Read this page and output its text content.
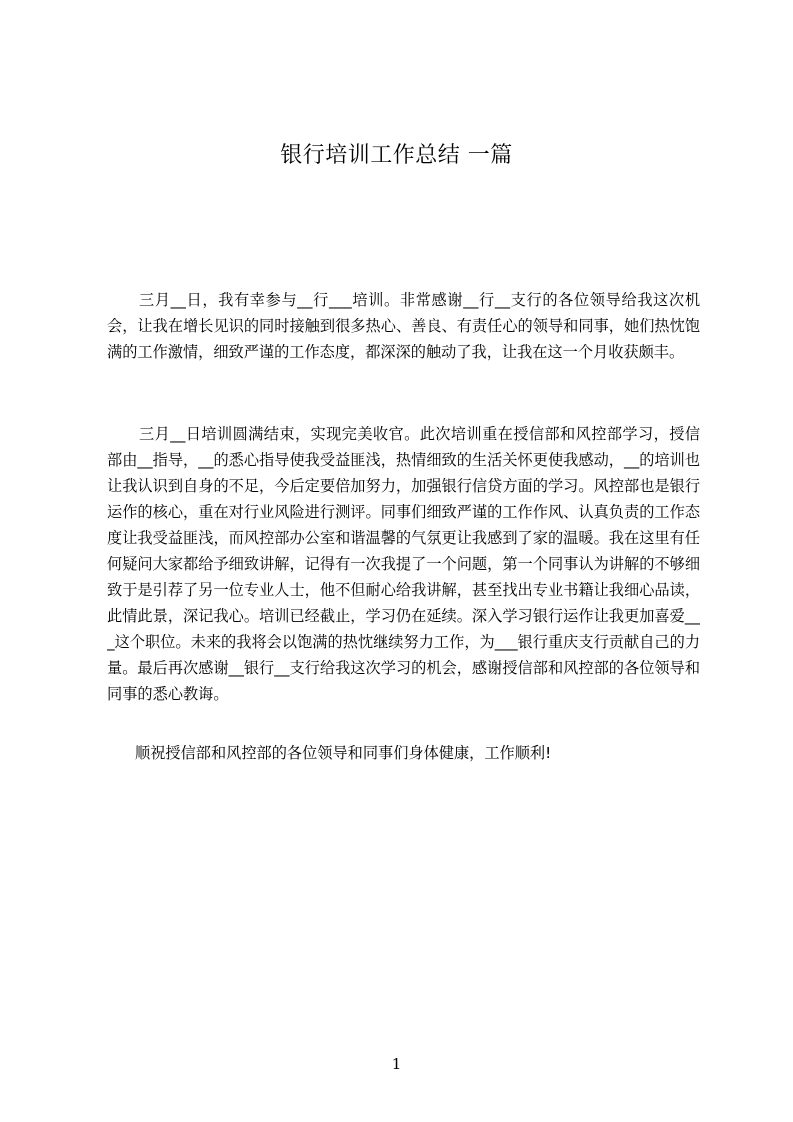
银行培训工作总结 一篇
三月__日，我有幸参与__行___培训。非常感谢__行__支行的各位领导给我这次机会，让我在增长见识的同时接触到很多热心、善良、有责任心的领导和同事，她们热忱饱满的工作激情，细致严谨的工作态度，都深深的触动了我，让我在这一个月收获颇丰。
三月__日培训圆满结束，实现完美收官。此次培训重在授信部和风控部学习，授信部由__指导，__的悉心指导使我受益匪浅，热情细致的生活关怀更使我感动，__的培训也让我认识到自身的不足，今后定要倍加努力，加强银行信贷方面的学习。风控部也是银行运作的核心，重在对行业风险进行测评。同事们细致严谨的工作作风、认真负责的工作态度让我受益匪浅，而风控部办公室和谐温馨的气氛更让我感到了家的温暖。我在这里有任何疑问大家都给予细致讲解，记得有一次我提了一个问题，第一个同事认为讲解的不够细致于是引荐了另一位专业人士，他不但耐心给我讲解，甚至找出专业书籍让我细心品读，此情此景，深记我心。培训已经截止，学习仍在延续。深入学习银行运作让我更加喜爱___这个职位。未来的我将会以饱满的热忱继续努力工作，为___银行重庆支行贡献自己的力量。最后再次感谢__银行__支行给我这次学习的机会，感谢授信部和风控部的各位领导和同事的悉心教诲。
顺祝授信部和风控部的各位领导和同事们身体健康，工作顺利!
1
